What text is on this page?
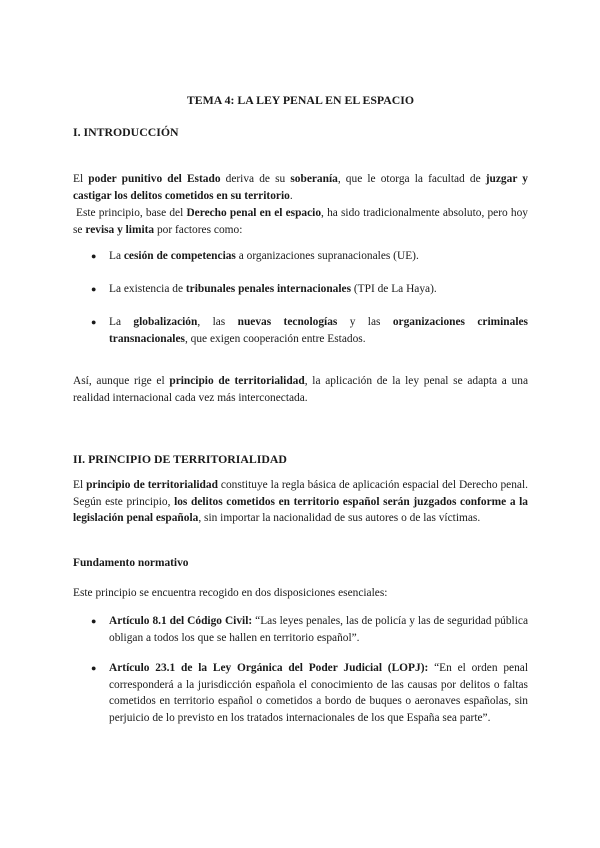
TEMA 4: LA LEY PENAL EN EL ESPACIO
I. INTRODUCCIÓN

El poder punitivo del Estado deriva de su soberanía, que le otorga la facultad de juzgar y castigar los delitos cometidos en su territorio.

Este principio, base del Derecho penal en el espacio, ha sido tradicionalmente absoluto, pero hoy se revisa y limita por factores como:

● La cesión de competencias a organizaciones supranacionales (UE).
● La existencia de tribunales penales internacionales (TPI de La Haya).
● La globalización, las nuevas tecnologías y las organizaciones criminales transnacionales, que exigen cooperación entre Estados.

Así, aunque rige el principio de territorialidad, la aplicación de la ley penal se adapta a una realidad internacional cada vez más interconectada.

II. PRINCIPIO DE TERRITORIALIDAD

El principio de territorialidad constituye la regla básica de aplicación espacial del Derecho penal. Según este principio, los delitos cometidos en territorio español serán juzgados conforme a la legislación penal española, sin importar la nacionalidad de sus autores o de las víctimas.

Fundamento normativo

Este principio se encuentra recogido en dos disposiciones esenciales:

● Artículo 8.1 del Código Civil: “Las leyes penales, las de policía y las de seguridad pública obligan a todos los que se hallen en territorio español”.
● Artículo 23.1 de la Ley Orgánica del Poder Judicial (LOPJ): “En el orden penal corresponderá a la jurisdicción española el conocimiento de las causas por delitos o faltas cometidos en territorio español o cometidos a bordo de buques o aeronaves españolas, sin perjuicio de lo previsto en los tratados internacionales de los que España sea parte”.
